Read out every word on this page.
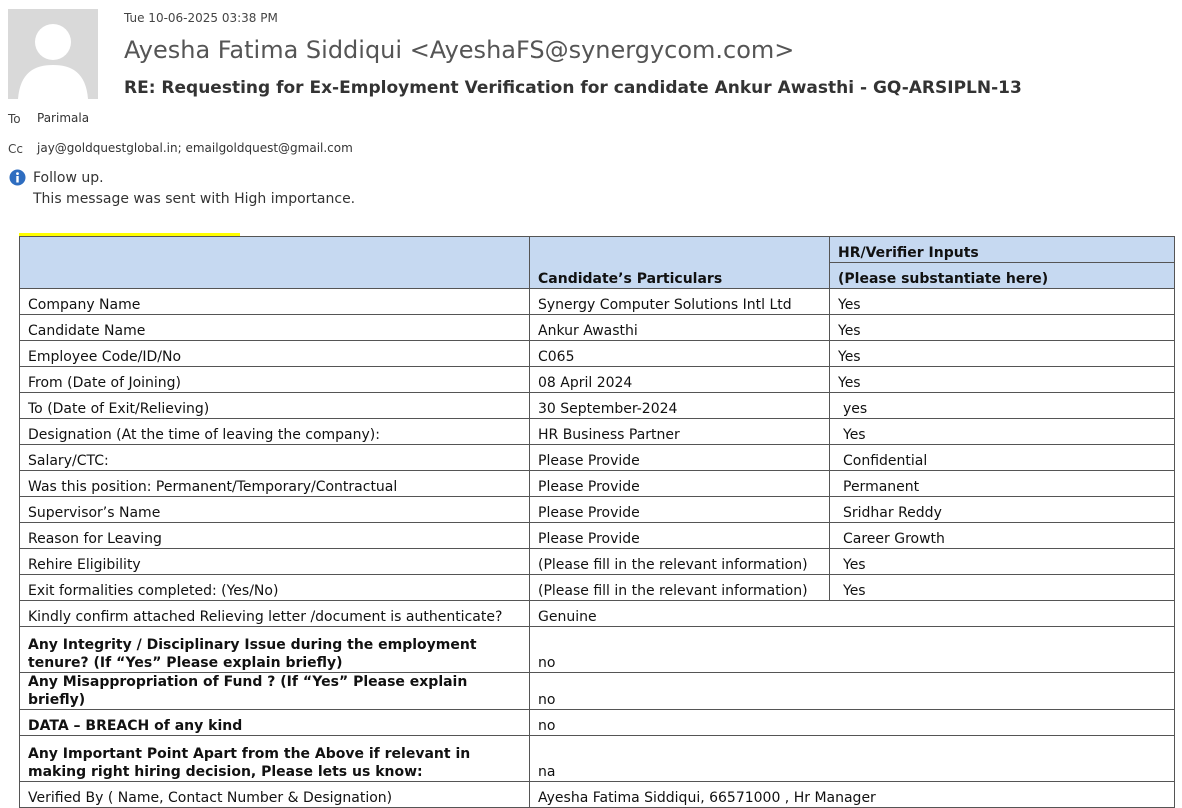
Tue 10-06-2025 03:38 PM
Ayesha Fatima Siddiqui <AyeshaFS@synergycom.com>
RE: Requesting for Ex-Employment Verification for candidate Ankur Awasthi - GQ-ARSIPLN-13
To Parimala
Cc jay@goldquestglobal.in; emailgoldquest@gmail.com
Follow up.
This message was sent with High importance.
	Candidate’s Particulars	HR/Verifier Inputs
		(Please substantiate here)
Company Name	Synergy Computer Solutions Intl Ltd	Yes
Candidate Name	Ankur Awasthi	Yes
Employee Code/ID/No	C065	Yes
From (Date of Joining)	08 April 2024	Yes
To (Date of Exit/Relieving)	30 September-2024	yes
Designation (At the time of leaving the company):	HR Business Partner	Yes
Salary/CTC:	Please Provide	Confidential
Was this position: Permanent/Temporary/Contractual	Please Provide	Permanent
Supervisor’s Name	Please Provide	Sridhar Reddy
Reason for Leaving	Please Provide	Career Growth
Rehire Eligibility	(Please fill in the relevant information)	Yes
Exit formalities completed: (Yes/No)	(Please fill in the relevant information)	Yes
Kindly confirm attached Relieving letter /document is authenticate?	Genuine	
Any Integrity / Disciplinary Issue during the employment tenure? (If “Yes” Please explain briefly)	no	
Any Misappropriation of Fund ? (If “Yes” Please explain briefly)	no	
DATA – BREACH of any kind	no	
Any Important Point Apart from the Above if relevant in making right hiring decision, Please lets us know:	na	
Verified By ( Name, Contact Number & Designation)	Ayesha Fatima Siddiqui, 66571000 , Hr Manager	
